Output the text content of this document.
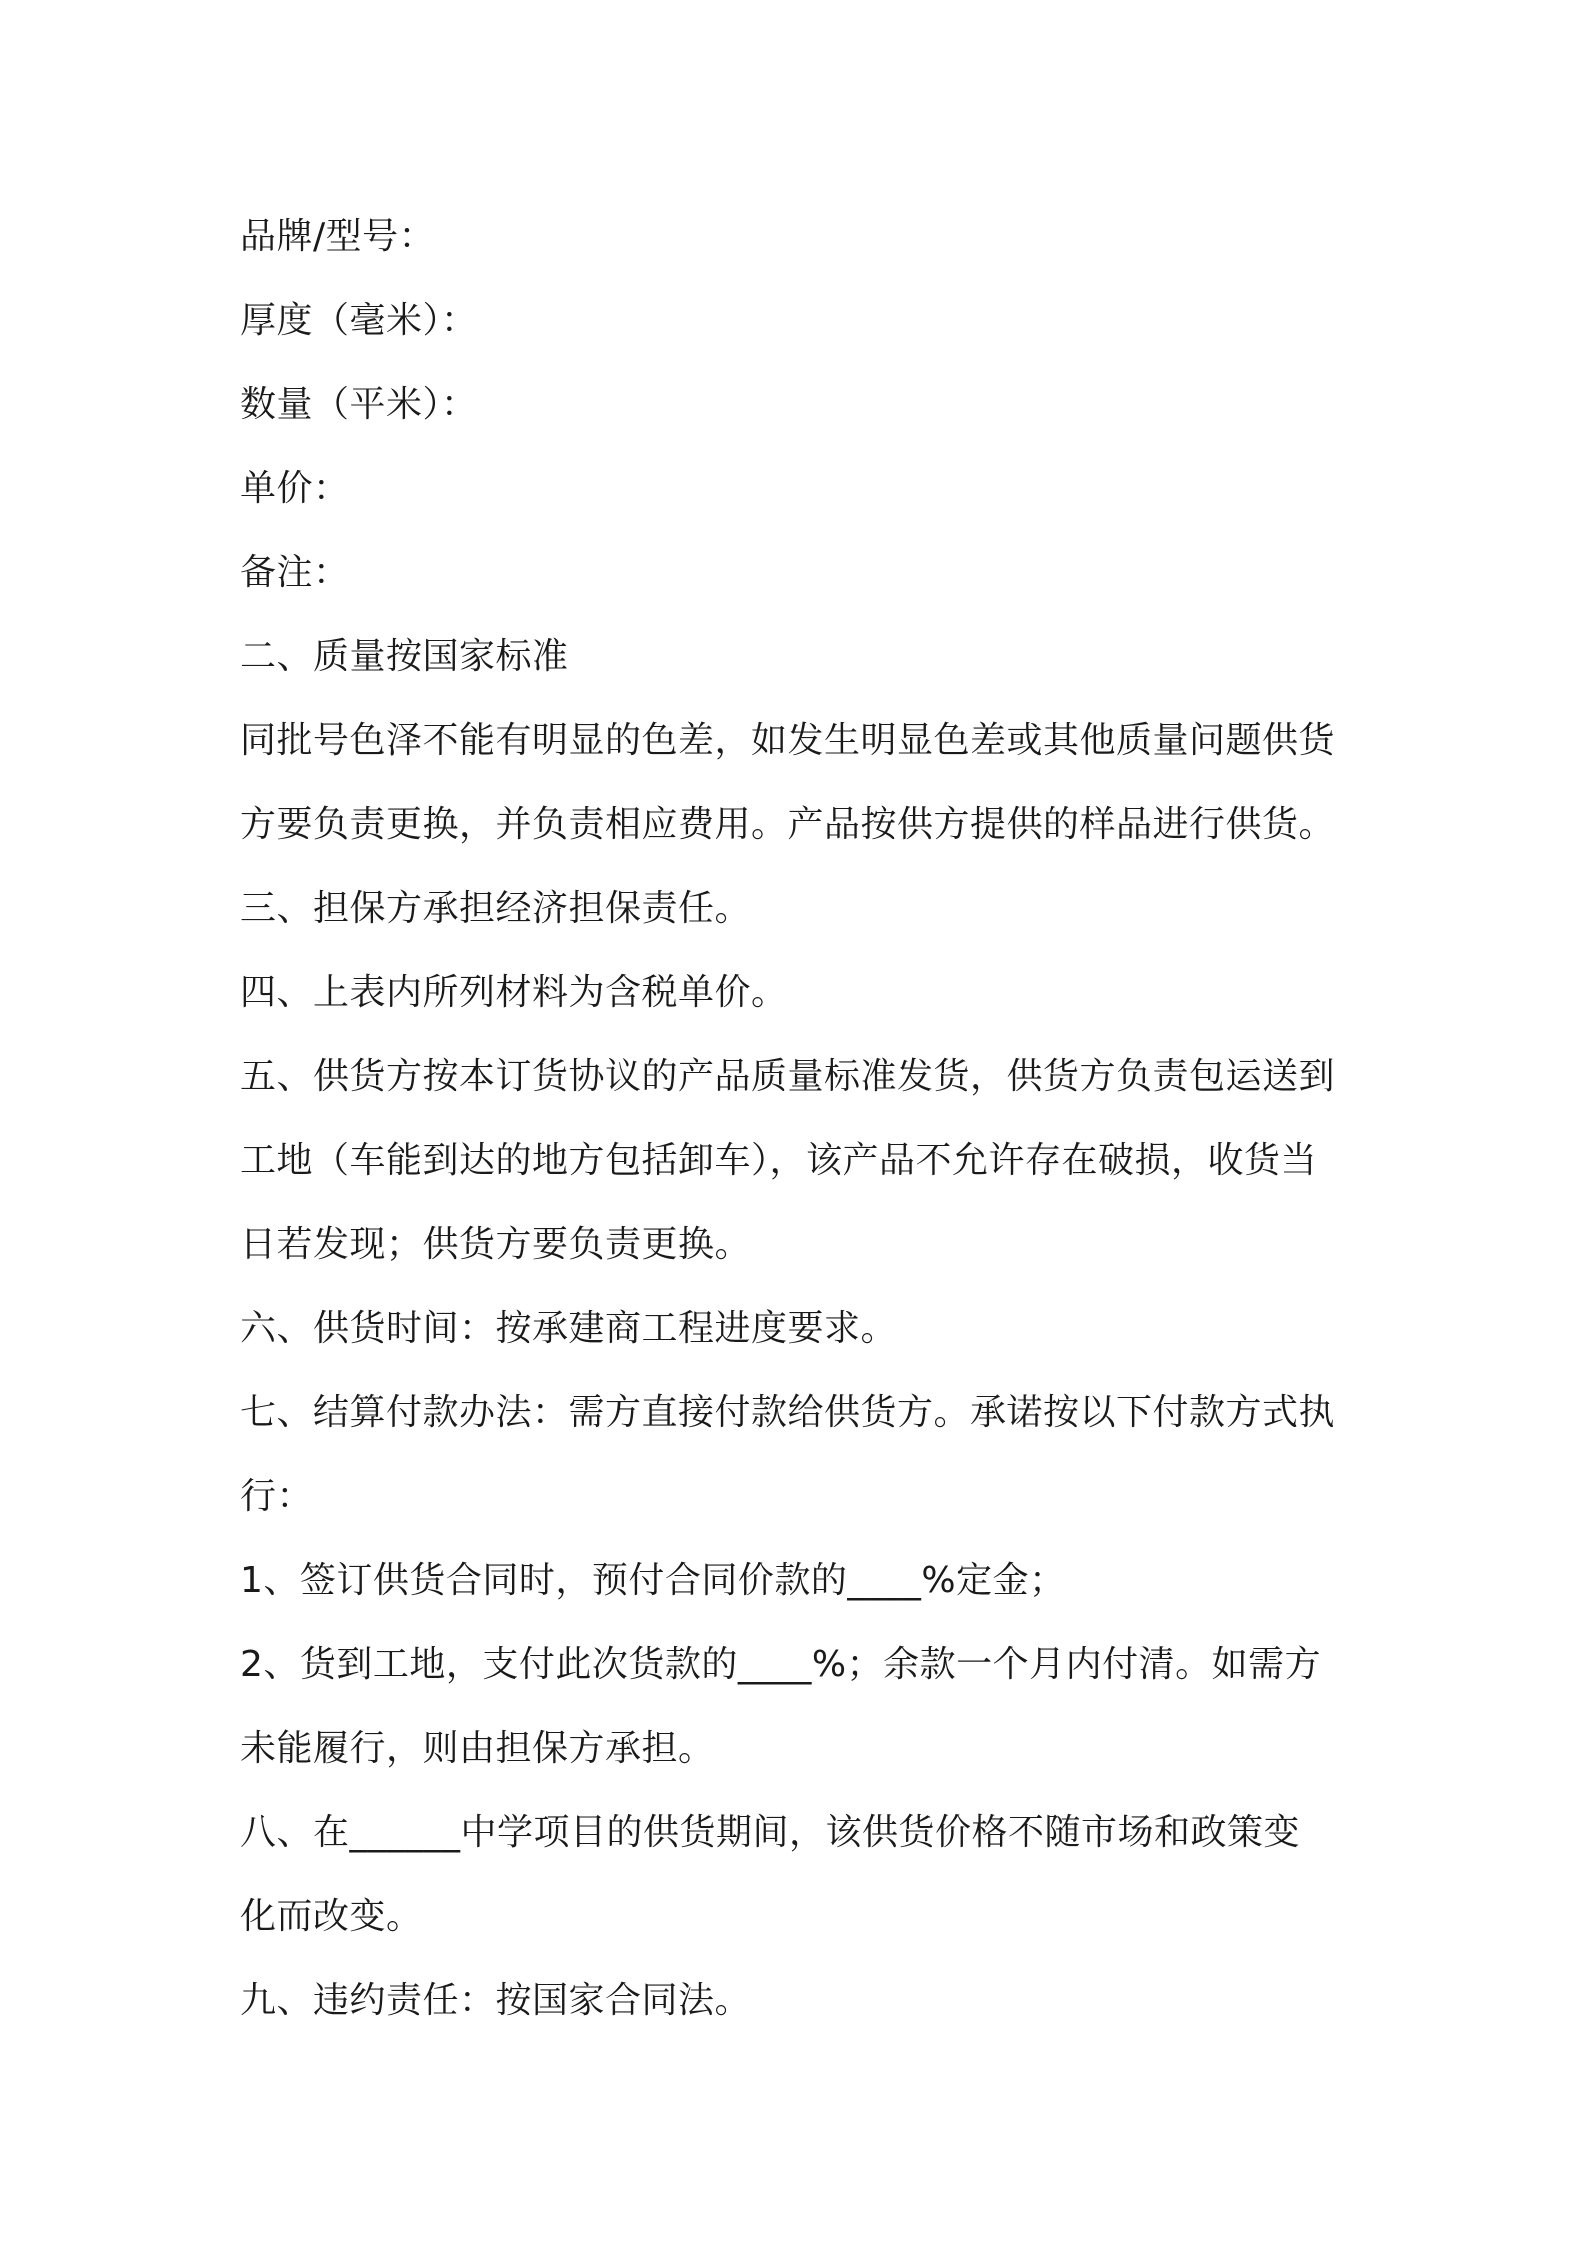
品牌/型号：
厚度（毫米）：
数量（平米）：
单价：
备注：
二、质量按国家标准
同批号色泽不能有明显的色差，如发生明显色差或其他质量问题供货
方要负责更换，并负责相应费用。产品按供方提供的样品进行供货。
三、担保方承担经济担保责任。
四、上表内所列材料为含税单价。
五、供货方按本订货协议的产品质量标准发货，供货方负责包运送到
工地（车能到达的地方包括卸车），该产品不允许存在破损，收货当
日若发现；供货方要负责更换。
六、供货时间：按承建商工程进度要求。
七、结算付款办法：需方直接付款给供货方。承诺按以下付款方式执
行：
1、签订供货合同时，预付合同价款的____%定金；
2、货到工地，支付此次货款的____%；余款一个月内付清。如需方
未能履行，则由担保方承担。
八、在______中学项目的供货期间，该供货价格不随市场和政策变
化而改变。
九、违约责任：按国家合同法。
